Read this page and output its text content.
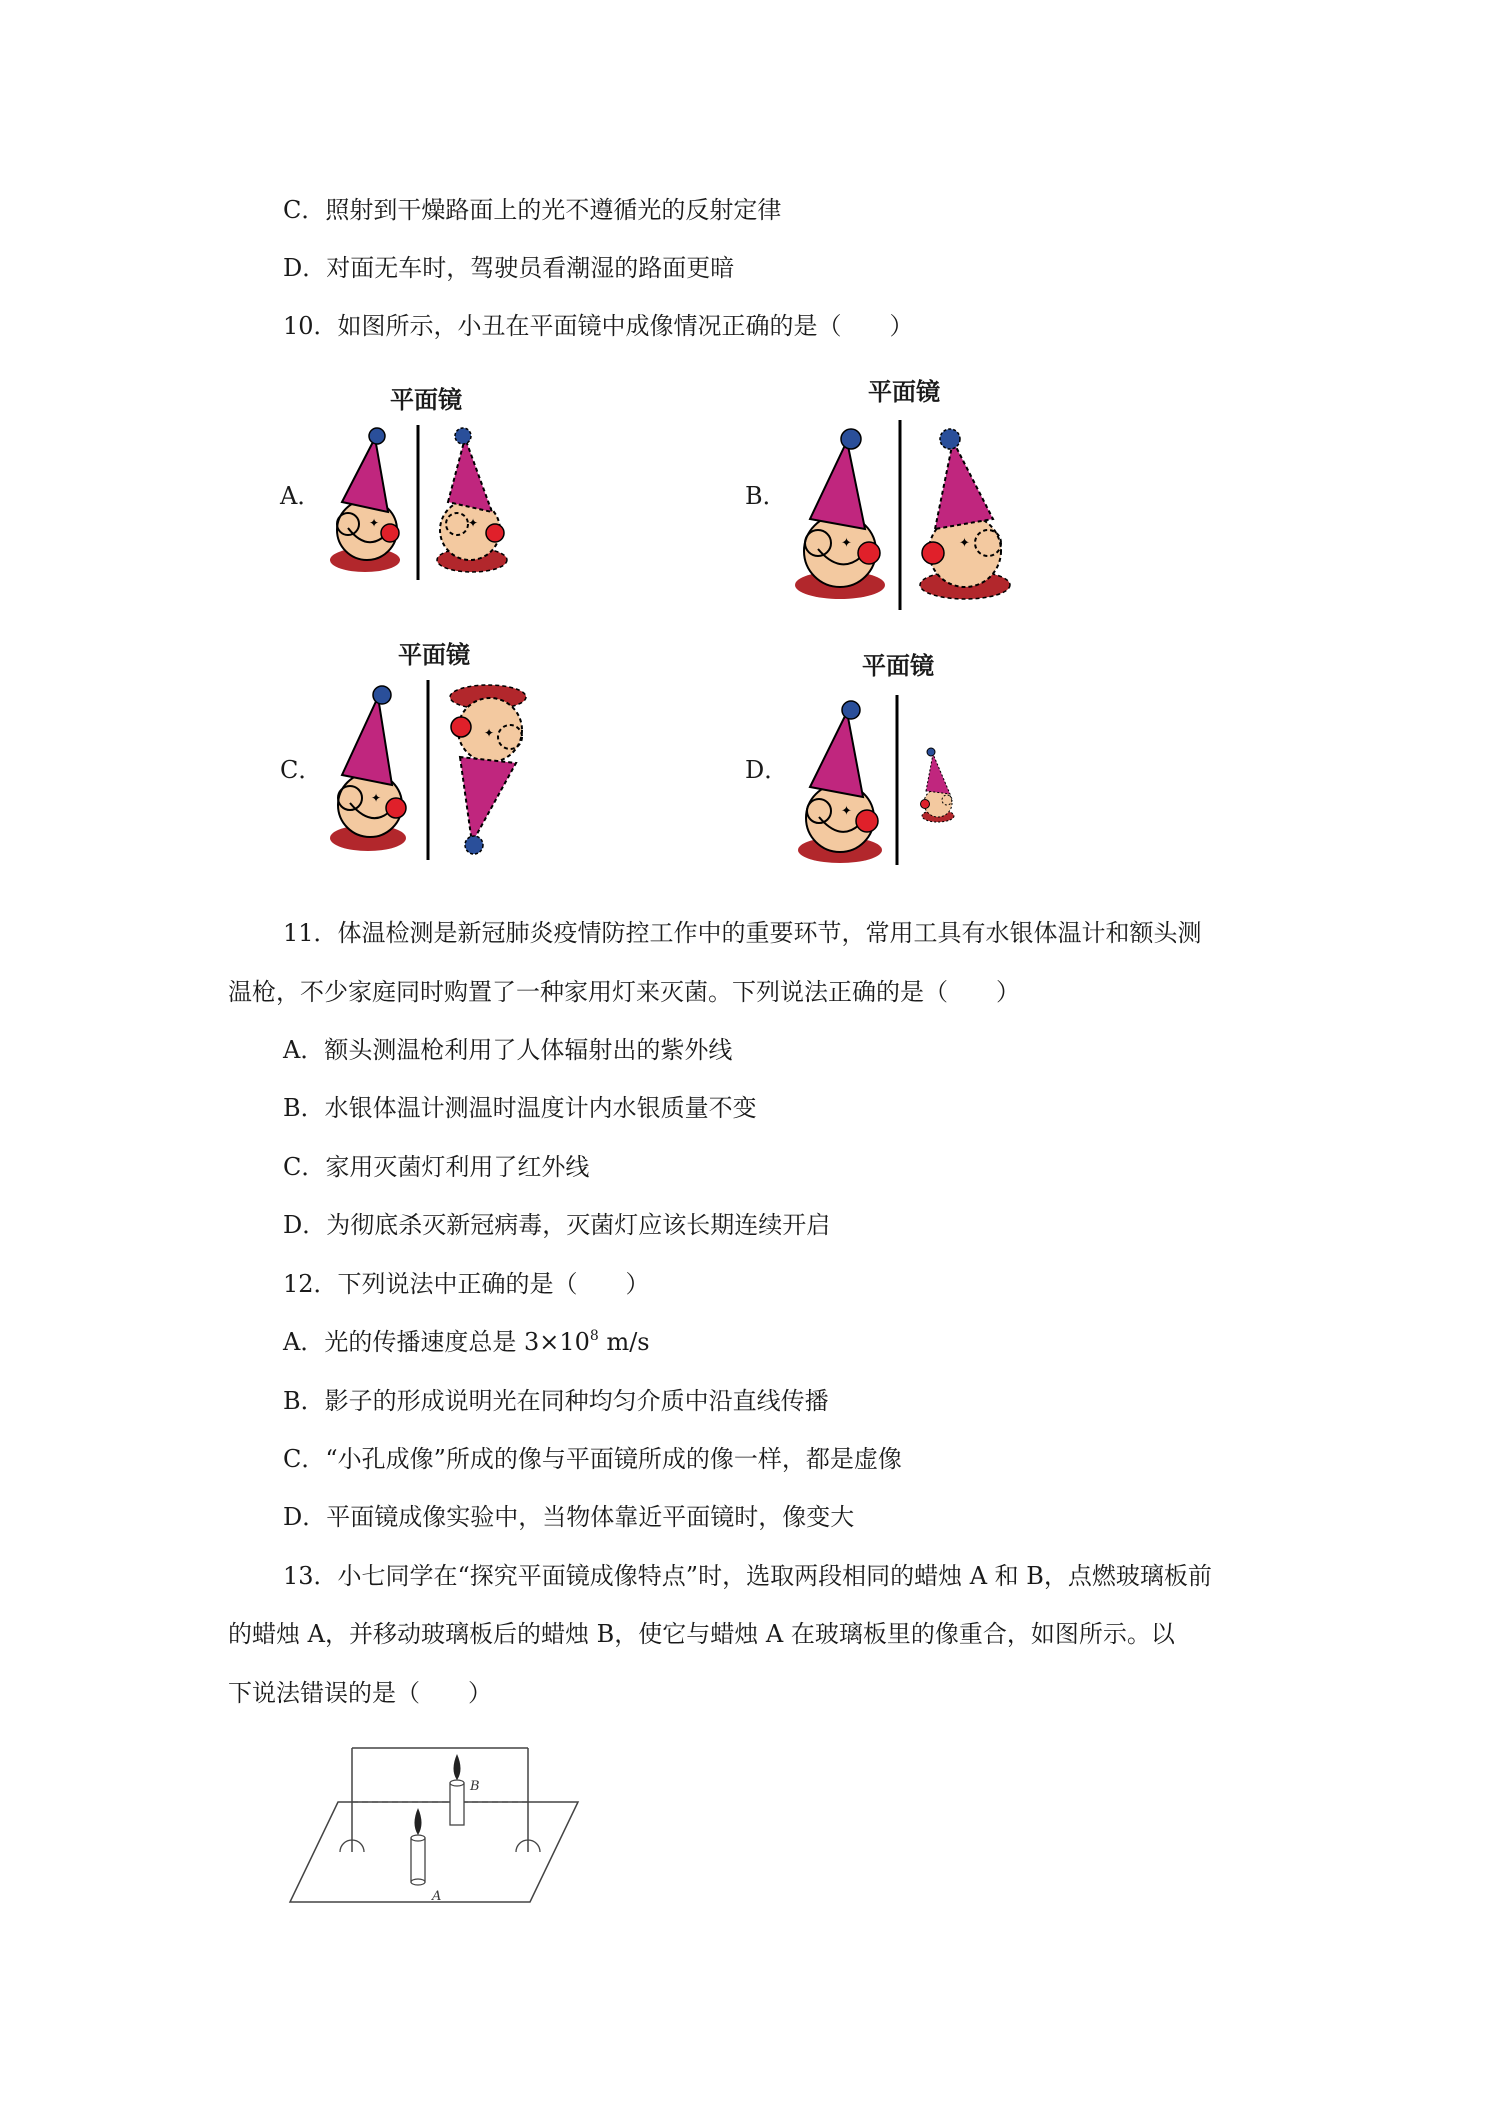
C．照射到干燥路面上的光不遵循光的反射定律
D．对面无车时，驾驶员看潮湿的路面更暗
10．如图所示，小丑在平面镜中成像情况正确的是（　　）
平面镜
A．
✦	✦
平面镜
B．
✦	✦
平面镜
C．
✦
✦
平面镜
D．
✦
11．体温检测是新冠肺炎疫情防控工作中的重要环节，常用工具有水银体温计和额头测
温枪，不少家庭同时购置了一种家用灯来灭菌。下列说法正确的是（　　）
A．额头测温枪利用了人体辐射出的紫外线
B．水银体温计测温时温度计内水银质量不变
C．家用灭菌灯利用了红外线
D．为彻底杀灭新冠病毒，灭菌灯应该长期连续开启
12．下列说法中正确的是（　　）
A．光的传播速度总是 $3\times 10^8$ m/s
B．影子的形成说明光在同种均匀介质中沿直线传播
C．“小孔成像”所成的像与平面镜所成的像一样，都是虚像
D．平面镜成像实验中，当物体靠近平面镜时，像变大
13．小七同学在“探究平面镜成像特点”时，选取两段相同的蜡烛 A 和 B，点燃玻璃板前
的蜡烛 A，并移动玻璃板后的蜡烛 B，使它与蜡烛 A 在玻璃板里的像重合，如图所示。以
下说法错误的是（　　）
B
A
